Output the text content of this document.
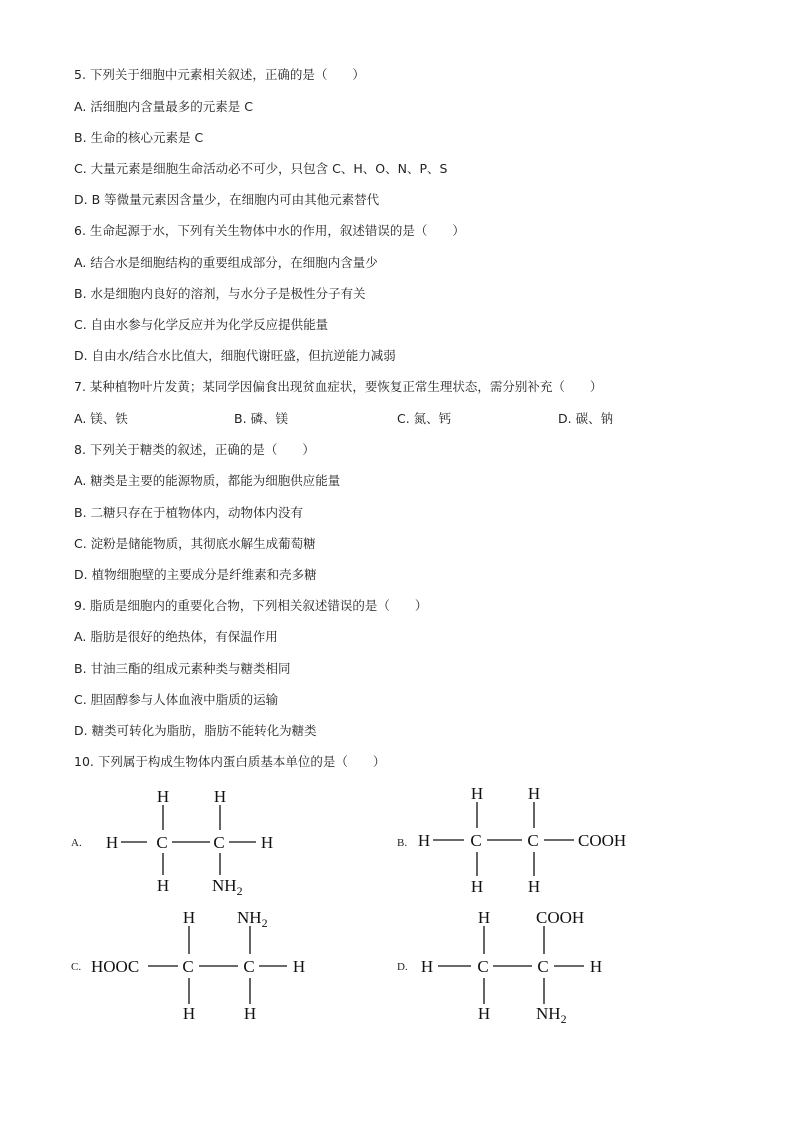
5. 下列关于细胞中元素相关叙述，正确的是（　　）
A. 活细胞内含量最多的元素是 C
B. 生命的核心元素是 C
C. 大量元素是细胞生命活动必不可少，只包含 C、H、O、N、P、S
D. B 等微量元素因含量少，在细胞内可由其他元素替代
6. 生命起源于水，下列有关生物体中水的作用，叙述错误的是（　　）
A. 结合水是细胞结构的重要组成部分，在细胞内含量少
B. 水是细胞内良好的溶剂，与水分子是极性分子有关
C. 自由水参与化学反应并为化学反应提供能量
D. 自由水/结合水比值大，细胞代谢旺盛，但抗逆能力减弱
7. 某种植物叶片发黄；某同学因偏食出现贫血症状，要恢复正常生理状态，需分别补充（　　）
A. 镁、铁	B. 磷、镁	C. 氮、钙	D. 碳、钠
8. 下列关于糖类的叙述，正确的是（　　）
A. 糖类是主要的能源物质，都能为细胞供应能量
B. 二糖只存在于植物体内，动物体内没有
C. 淀粉是储能物质，其彻底水解生成葡萄糖
D. 植物细胞壁的主要成分是纤维素和壳多糖
9. 脂质是细胞内的重要化合物，下列相关叙述错误的是（　　）
A. 脂肪是很好的绝热体，有保温作用
B. 甘油三酯的组成元素种类与糖类相同
C. 胆固醇参与人体血液中脂质的运输
D. 糖类可转化为脂肪，脂肪不能转化为糖类
10. 下列属于构成生物体内蛋白质基本单位的是（　　）
A.
H	H
H C	C H
H	$NH_2$
B.
H	H
H C	C COOH
H	H
C.
H $NH_2$
HOOC	C	C H
H	H
D.
H	COOH
H	C	C H
H	$NH_2$
